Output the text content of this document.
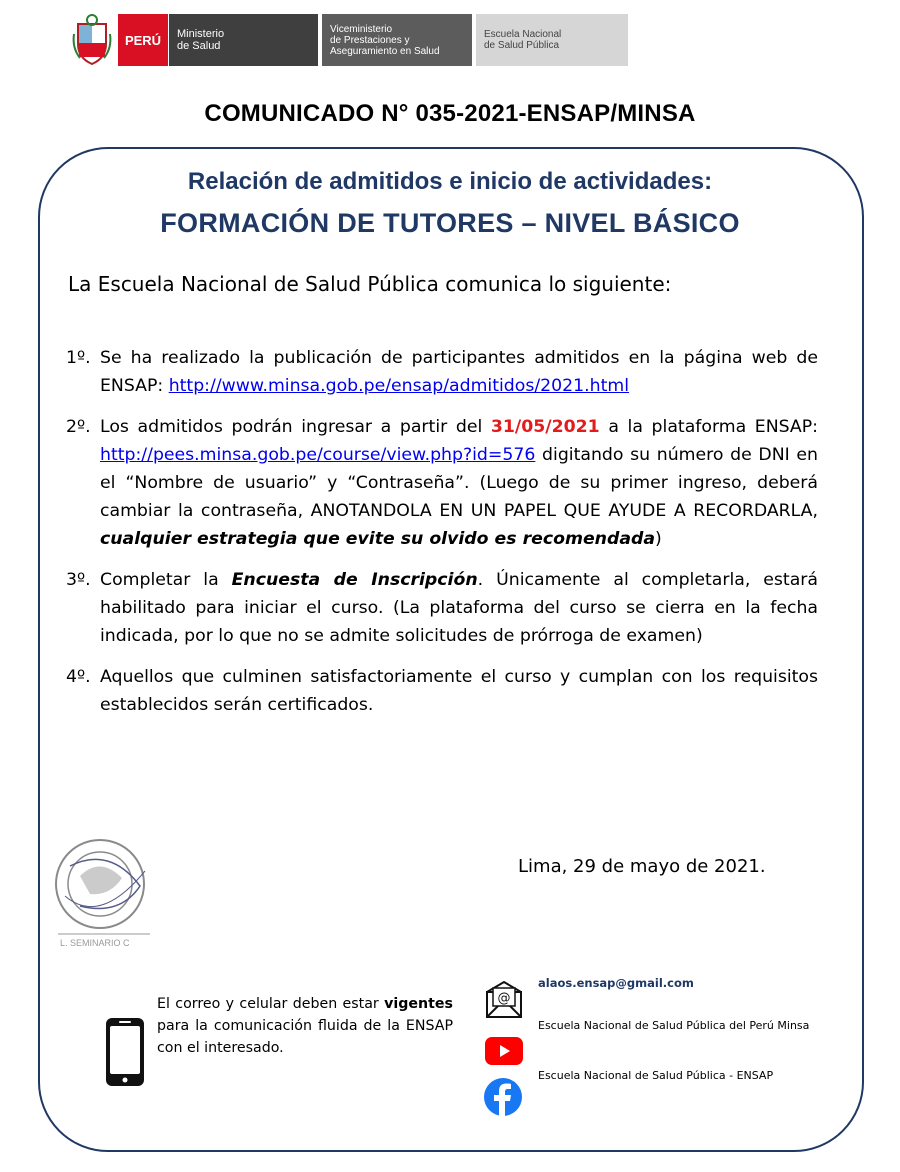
PERÚ Ministerio
de Salud
Viceministerio
de Prestaciones y
Aseguramiento en Salud
Escuela Nacional
de Salud Pública
COMUNICADO N° 035-2021-ENSAP/MINSA
Relación de admitidos e inicio de actividades:
FORMACIÓN DE TUTORES – NIVEL BÁSICO
La Escuela Nacional de Salud Pública comunica lo siguiente:
1º. Se ha realizado la publicación de participantes admitidos en la página web de ENSAP: http://www.minsa.gob.pe/ensap/admitidos/2021.html
2º. Los admitidos podrán ingresar a partir del 31/05/2021 a la plataforma ENSAP: http://pees.minsa.gob.pe/course/view.php?id=576 digitando su número de DNI en el “Nombre de usuario” y “Contraseña”. (Luego de su primer ingreso, deberá cambiar la contraseña, ANOTANDOLA EN UN PAPEL QUE AYUDE A RECORDARLA, cualquier estrategia que evite su olvido es recomendada)
3º. Completar la Encuesta de Inscripción. Únicamente al completarla, estará habilitado para iniciar el curso. (La plataforma del curso se cierra en la fecha indicada, por lo que no se admite solicitudes de prórroga de examen)
4º. Aquellos que culminen satisfactoriamente el curso y cumplan con los requisitos establecidos serán certificados.
Lima, 29 de mayo de 2021.
L. SEMINARIO C
El correo y celular deben estar vigentes para la comunicación fluida de la ENSAP con el interesado.
@
alaos.ensap@gmail.com
Escuela Nacional de Salud Pública del Perú Minsa
Escuela Nacional de Salud Pública - ENSAP
